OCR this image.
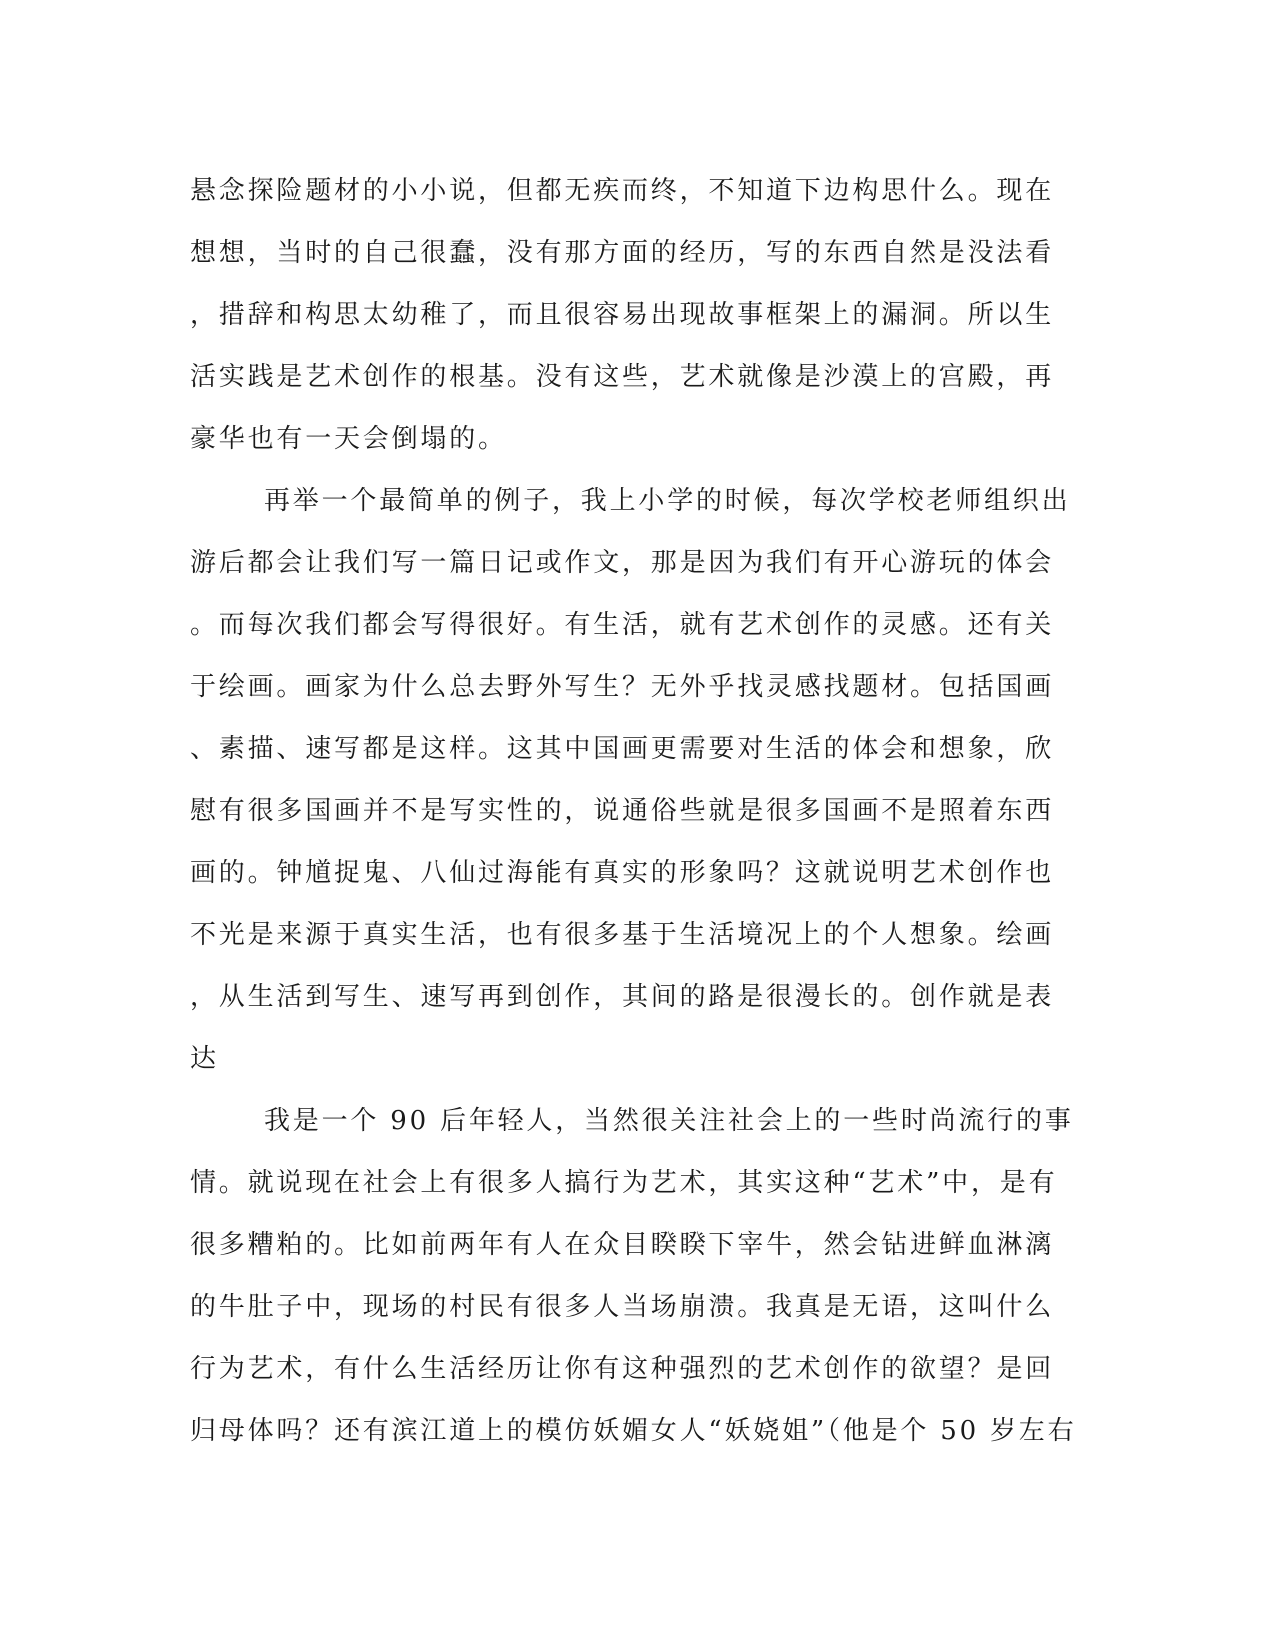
悬念探险题材的小小说，但都无疾而终，不知道下边构思什么。现在
想想，当时的自己很蠢，没有那方面的经历，写的东西自然是没法看
，措辞和构思太幼稚了，而且很容易出现故事框架上的漏洞。所以生
活实践是艺术创作的根基。没有这些，艺术就像是沙漠上的宫殿，再
豪华也有一天会倒塌的。
再举一个最简单的例子，我上小学的时候，每次学校老师组织出
游后都会让我们写一篇日记或作文，那是因为我们有开心游玩的体会
。而每次我们都会写得很好。有生活，就有艺术创作的灵感。还有关
于绘画。画家为什么总去野外写生？无外乎找灵感找题材。包括国画
、素描、速写都是这样。这其中国画更需要对生活的体会和想象，欣
慰有很多国画并不是写实性的，说通俗些就是很多国画不是照着东西
画的。钟馗捉鬼、八仙过海能有真实的形象吗？这就说明艺术创作也
不光是来源于真实生活，也有很多基于生活境况上的个人想象。绘画
，从生活到写生、速写再到创作，其间的路是很漫长的。创作就是表
达
我是一个 90 后年轻人，当然很关注社会上的一些时尚流行的事
情。就说现在社会上有很多人搞行为艺术，其实这种“艺术”中，是有
很多糟粕的。比如前两年有人在众目睽睽下宰牛，然会钻进鲜血淋漓
的牛肚子中，现场的村民有很多人当场崩溃。我真是无语，这叫什么
行为艺术，有什么生活经历让你有这种强烈的艺术创作的欲望？是回
归母体吗？还有滨江道上的模仿妖媚女人“妖娆姐”（他是个 50 岁左右
